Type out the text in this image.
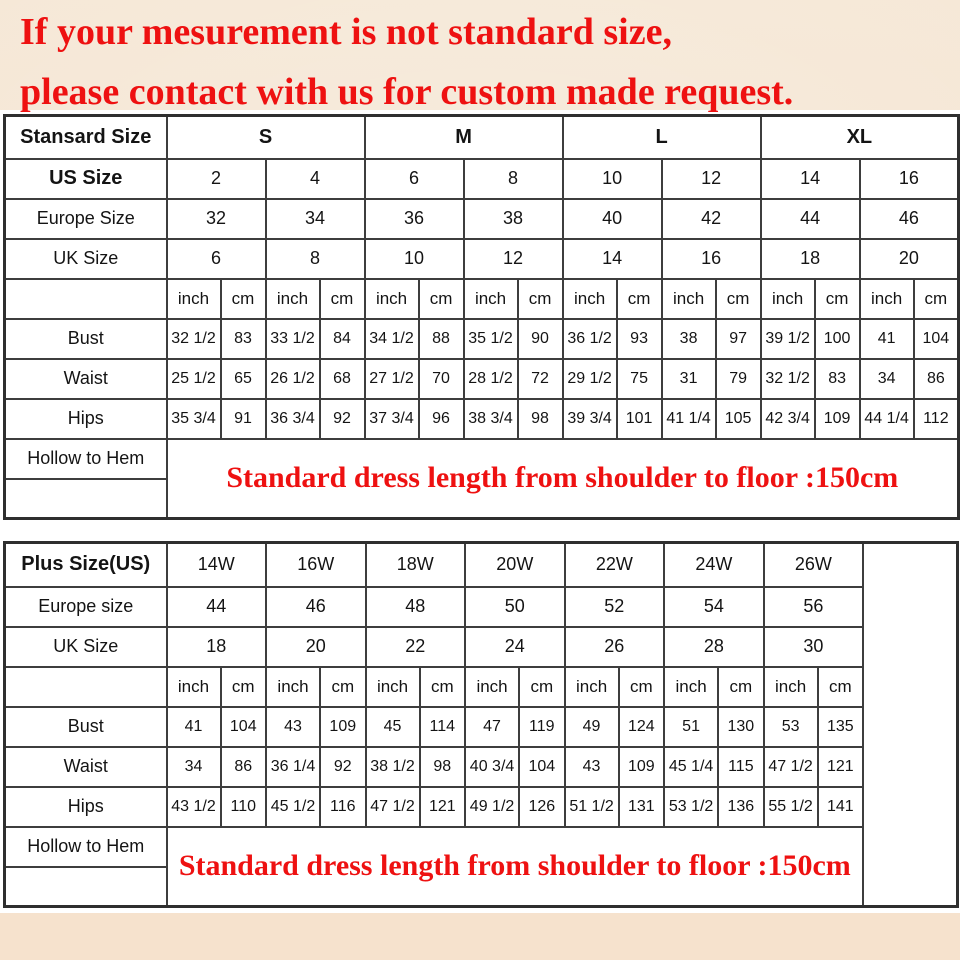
If your mesurement is not standard size,
please contact with us for custom made request.
Stansard Size	S				M				L				XL			
US Size	2		4		6		8		10		12		14		16	
Europe Size	32		34		36		38		40		42		44		46	
UK Size	6		8		10		12		14		16		18		20	
	inch	cm	inch	cm	inch	cm	inch	cm	inch	cm	inch	cm	inch	cm	inch	cm
Bust	32 1/2	83	33 1/2	84	34 1/2	88	35 1/2	90	36 1/2	93	38	97	39 1/2	100	41	104
Waist	25 1/2	65	26 1/2	68	27 1/2	70	28 1/2	72	29 1/2	75	31	79	32 1/2	83	34	86
Hips	35 3/4	91	36 3/4	92	37 3/4	96	38 3/4	98	39 3/4	101	41 1/4	105	42 3/4	109	44 1/4	112
Hollow to Hem	Standard dress length from shoulder to floor :150cm															

Plus Size(US)	14W		16W		18W		20W		22W		24W		26W		
Europe size	44		46		48		50		52		54		56		
UK Size	18		20		22		24		26		28		30		
	inch	cm	inch	cm	inch	cm	inch	cm	inch	cm	inch	cm	inch	cm	
Bust	41	104	43	109	45	114	47	119	49	124	51	130	53	135	
Waist	34	86	36 1/4	92	38 1/2	98	40 3/4	104	43	109	45 1/4	115	47 1/2	121	
Hips	43 1/2	110	45 1/2	116	47 1/2	121	49 1/2	126	51 1/2	131	53 1/2	136	55 1/2	141	
Hollow to Hem	Standard dress length from shoulder to floor :150cm														
